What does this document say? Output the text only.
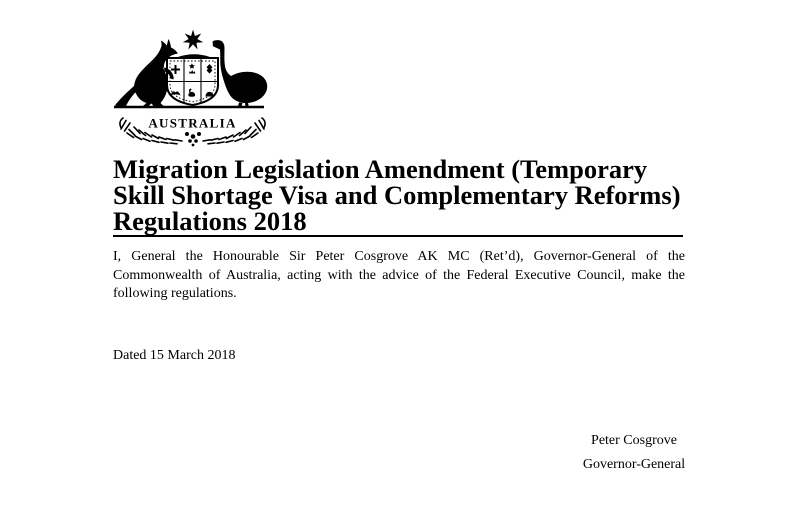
AUSTRALIA
Migration Legislation Amendment (Temporary
Skill Shortage Visa and Complementary Reforms)
Regulations 2018

I, General the Honourable Sir Peter Cosgrove AK MC (Ret’d), Governor-General of the Commonwealth of Australia, acting with the advice of the Federal Executive Council, make the following regulations.

Dated 15 March 2018

Peter Cosgrove
Governor-General
